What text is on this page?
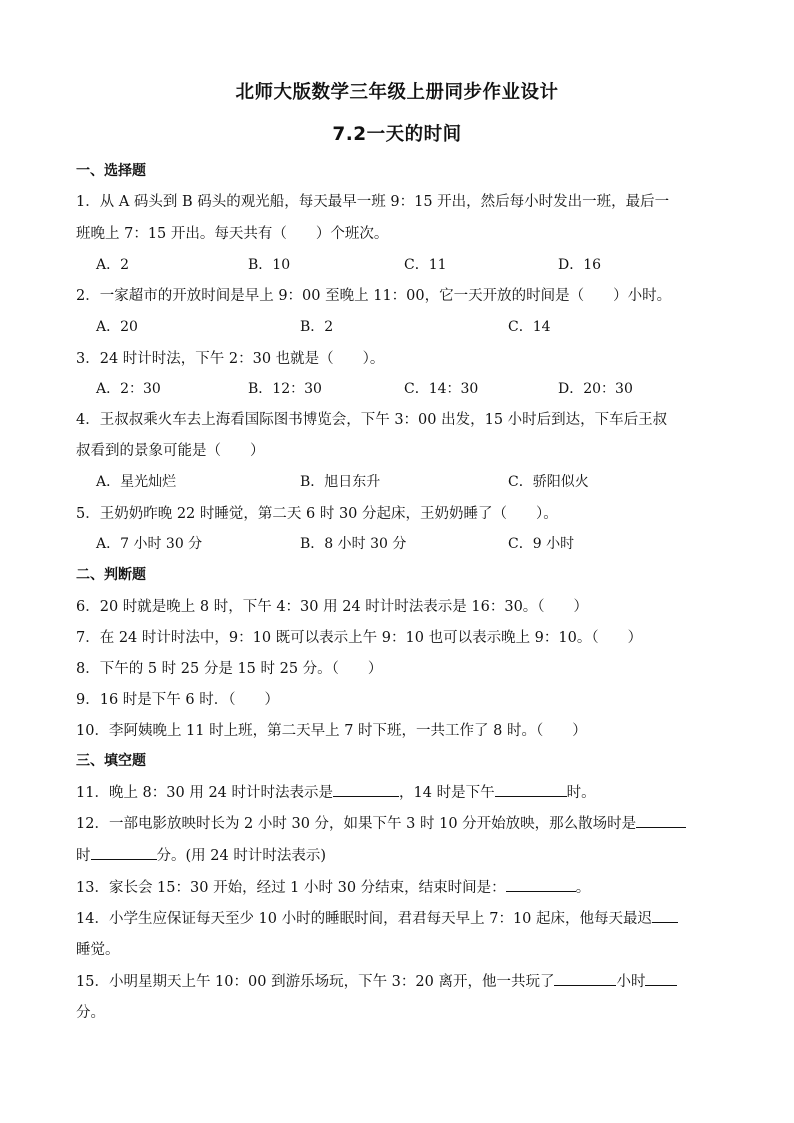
北师大版数学三年级上册同步作业设计
7.2一天的时间
一、选择题
1．从 A 码头到 B 码头的观光船，每天最早一班 9：15 开出，然后每小时发出一班，最后一
班晚上 7：15 开出。每天共有（　　）个班次。
A．2	B．10	C．11	D．16
2．一家超市的开放时间是早上 9：00 至晚上 11：00，它一天开放的时间是（　　）小时。
A．20	B．2	C．14
3．24 时计时法，下午 2：30 也就是（　　）。
A．2：30	B．12：30	C．14：30	D．20：30
4．王叔叔乘火车去上海看国际图书博览会，下午 3：00 出发，15 小时后到达，下车后王叔
叔看到的景象可能是（　　）
A．星光灿烂	B．旭日东升	C．骄阳似火
5．王奶奶昨晚 22 时睡觉，第二天 6 时 30 分起床，王奶奶睡了（　　）。
A．7 小时 30 分	B．8 小时 30 分	C．9 小时
二、判断题
6．20 时就是晚上 8 时，下午 4：30 用 24 时计时法表示是 16：30。（　　）
7．在 24 时计时法中，9：10 既可以表示上午 9：10 也可以表示晚上 9：10。（　　）
8．下午的 5 时 25 分是 15 时 25 分。（　　）
9．16 时是下午 6 时．（　　）
10．李阿姨晚上 11 时上班，第二天早上 7 时下班，一共工作了 8 时。（　　）
三、填空题
11．晚上 8：30 用 24 时计时法表示是	，14 时是下午	时。
12．一部电影放映时长为 2 小时 30 分，如果下午 3 时 10 分开始放映，那么散场时是
时	分。(用 24 时计时法表示)
13．家长会 15：30 开始，经过 1 小时 30 分结束，结束时间是：	。
14．小学生应保证每天至少 10 小时的睡眠时间，君君每天早上 7：10 起床，他每天最迟
睡觉。
15．小明星期天上午 10：00 到游乐场玩，下午 3：20 离开，他一共玩了	小时
分。
